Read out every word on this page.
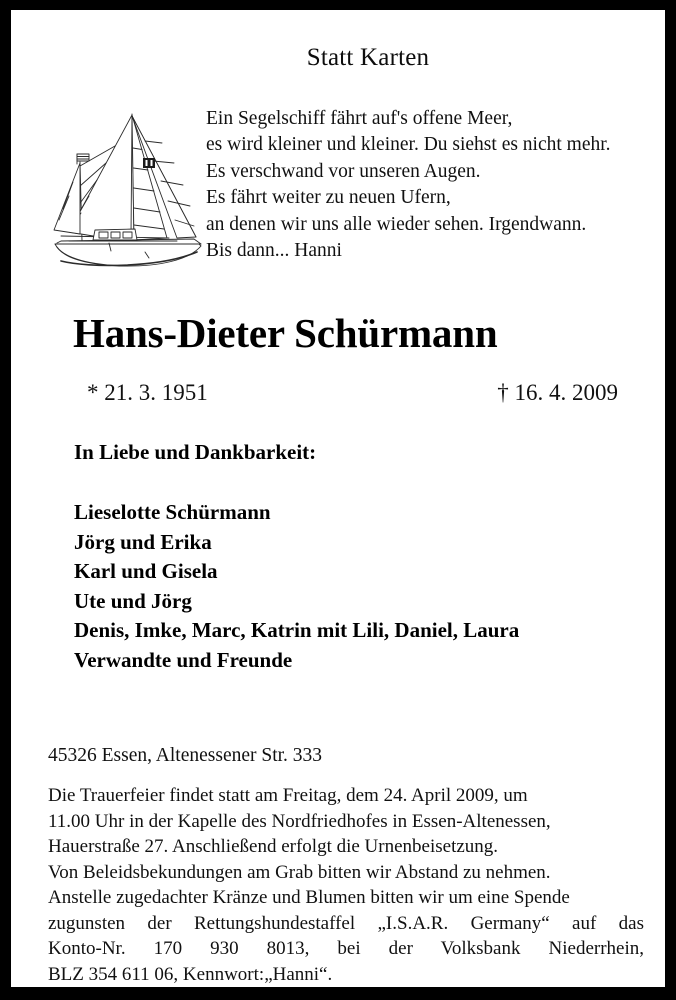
Statt Karten
Ein Segelschiff fährt auf's offene Meer,
es wird kleiner und kleiner. Du siehst es nicht mehr.
Es verschwand vor unseren Augen.
Es fährt weiter zu neuen Ufern,
an denen wir uns alle wieder sehen. Irgendwann.
Bis dann... Hanni
Hans-Dieter Schürmann
* 21. 3. 1951	† 16. 4. 2009
In Liebe und Dankbarkeit:
Lieselotte Schürmann
Jörg und Erika
Karl und Gisela
Ute und Jörg
Denis, Imke, Marc, Katrin mit Lili, Daniel, Laura
Verwandte und Freunde
45326 Essen, Altenessener Str. 333
Die Trauerfeier findet statt am Freitag, dem 24. April 2009, um
11.00 Uhr in der Kapelle des Nordfriedhofes in Essen-Altenessen,
Hauerstraße 27. Anschließend erfolgt die Urnenbeisetzung.
Von Beleidsbekundungen am Grab bitten wir Abstand zu nehmen.
Anstelle zugedachter Kränze und Blumen bitten wir um eine Spende
zugunsten der Rettungshundestaffel „I.S.A.R. Germany“ auf das
Konto-Nr. 170 930 8013, bei der Volksbank Niederrhein,
BLZ 354 611 06, Kennwort:„Hanni“.
